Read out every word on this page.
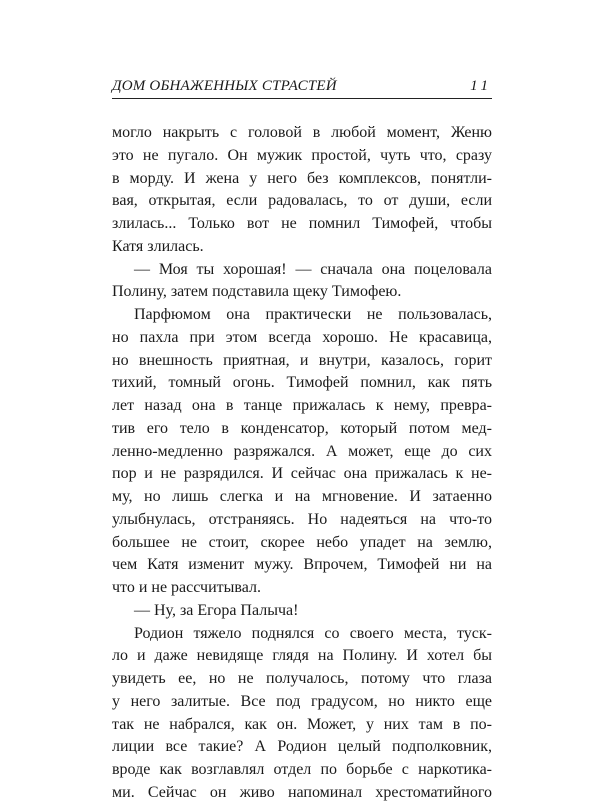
ДОМ ОБНАЖЕННЫХ СТРАСТЕЙ	11
могло накрыть с головой в любой момент, Женю
это не пугало. Он мужик простой, чуть что, сразу
в морду. И жена у него без комплексов, понятли-
вая, открытая, если радовалась, то от души, если
злилась... Только вот не помнил Тимофей, чтобы
Катя злилась.
— Моя ты хорошая! — сначала она поцеловала
Полину, затем подставила щеку Тимофею.
Парфюмом она практически не пользовалась,
но пахла при этом всегда хорошо. Не красавица,
но внешность приятная, и внутри, казалось, горит
тихий, томный огонь. Тимофей помнил, как пять
лет назад она в танце прижалась к нему, превра-
тив его тело в конденсатор, который потом мед-
ленно-медленно разряжался. А может, еще до сих
пор и не разрядился. И сейчас она прижалась к не-
му, но лишь слегка и на мгновение. И затаенно
улыбнулась, отстраняясь. Но надеяться на что-то
большее не стоит, скорее небо упадет на землю,
чем Катя изменит мужу. Впрочем, Тимофей ни на
что и не рассчитывал.
— Ну, за Егора Палыча!
Родион тяжело поднялся со своего места, туск-
ло и даже невидяще глядя на Полину. И хотел бы
увидеть ее, но не получалось, потому что глаза
у него залитые. Все под градусом, но никто еще
так не набрался, как он. Может, у них там в по-
лиции все такие? А Родион целый подполковник,
вроде как возглавлял отдел по борьбе с наркотика-
ми. Сейчас он живо напоминал хрестоматийного
